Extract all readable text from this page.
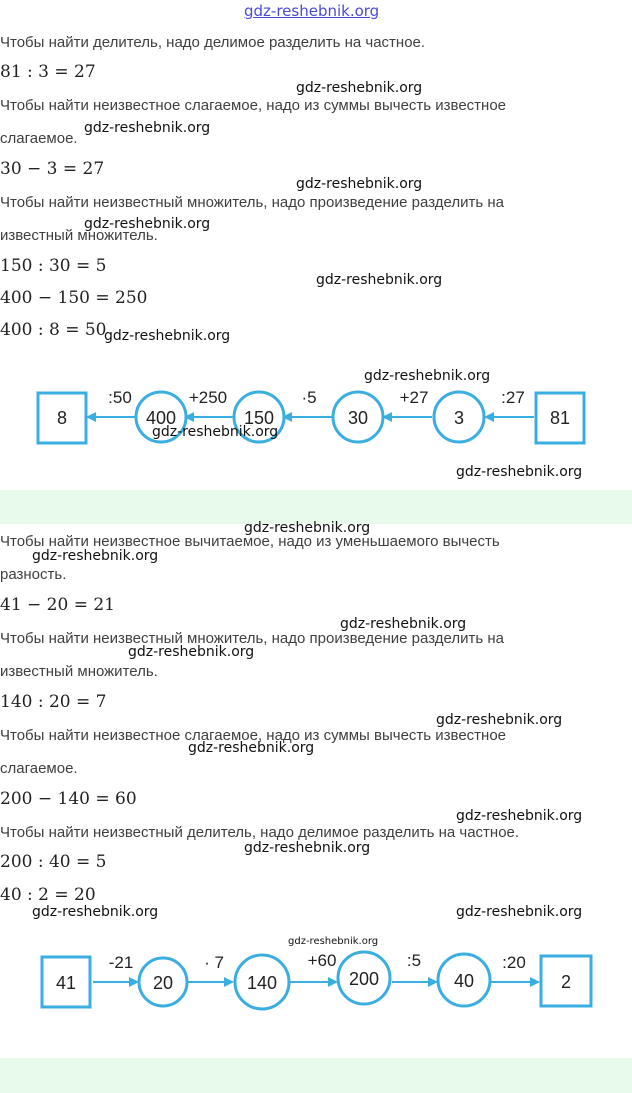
gdz-reshebnik.org
Чтобы найти делитель, надо делимое разделить на частное.
81 : 3 = 27
Чтобы найти неизвестное слагаемое, надо из суммы вычесть известное
слагаемое.
30 − 3 = 27
Чтобы найти неизвестный множитель, надо произведение разделить на
известный множитель.
150 : 30 = 5
400 − 150 = 250
400 : 8 = 50
8	400	150	30	3	81
:50	+250	·5	+27	:27
Чтобы найти неизвестное вычитаемое, надо из уменьшаемого вычесть
разность.
41 − 20 = 21
Чтобы найти неизвестный множитель, надо произведение разделить на
известный множитель.
140 : 20 = 7
Чтобы найти неизвестное слагаемое, надо из суммы вычесть известное
слагаемое.
200 − 140 = 60
Чтобы найти неизвестный делитель, надо делимое разделить на частное.
200 : 40 = 5
40 : 2 = 20
41	20	140	200	40	2
-21	· 7	+60	:5	:20
gdz-reshebnik.org
gdz-reshebnik.org
gdz-reshebnik.org
gdz-reshebnik.org
gdz-reshebnik.org
gdz-reshebnik.org
gdz-reshebnik.org
gdz-reshebnik.org
gdz-reshebnik.org
gdz-reshebnik.org
gdz-reshebnik.org
gdz-reshebnik.org
gdz-reshebnik.org
gdz-reshebnik.org
gdz-reshebnik.org
gdz-reshebnik.org
gdz-reshebnik.org
gdz-reshebnik.org	gdz-reshebnik.org
gdz-reshebnik.org
